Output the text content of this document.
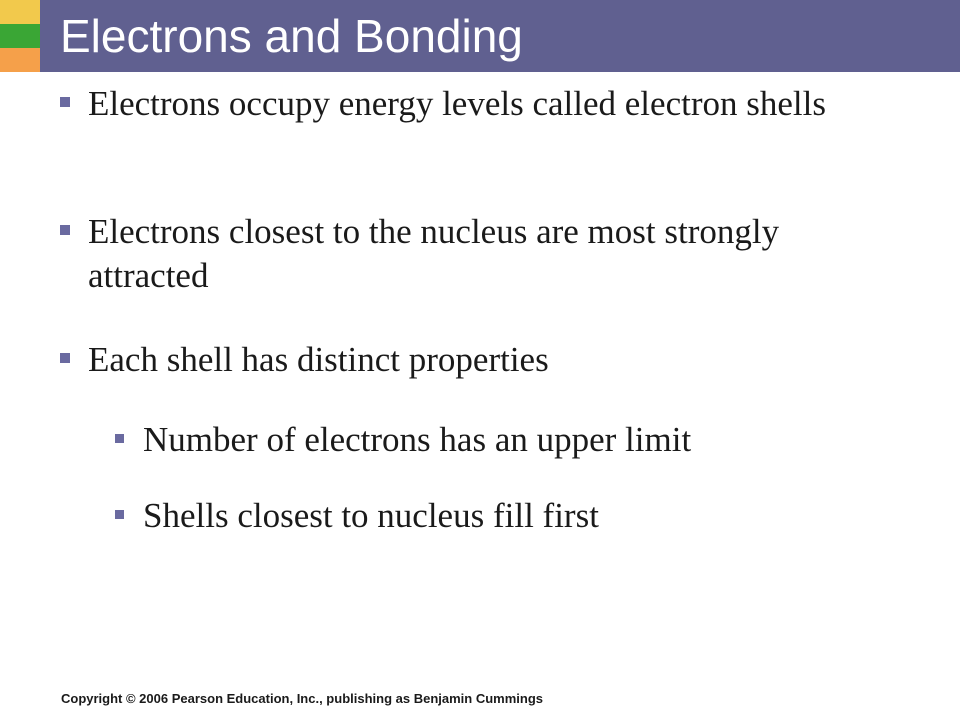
Electrons and Bonding
Electrons occupy energy levels called electron shells
Electrons closest to the nucleus are most strongly attracted
Each shell has distinct properties
Number of electrons has an upper limit
Shells closest to nucleus fill first
Copyright © 2006 Pearson Education, Inc., publishing as Benjamin Cummings
